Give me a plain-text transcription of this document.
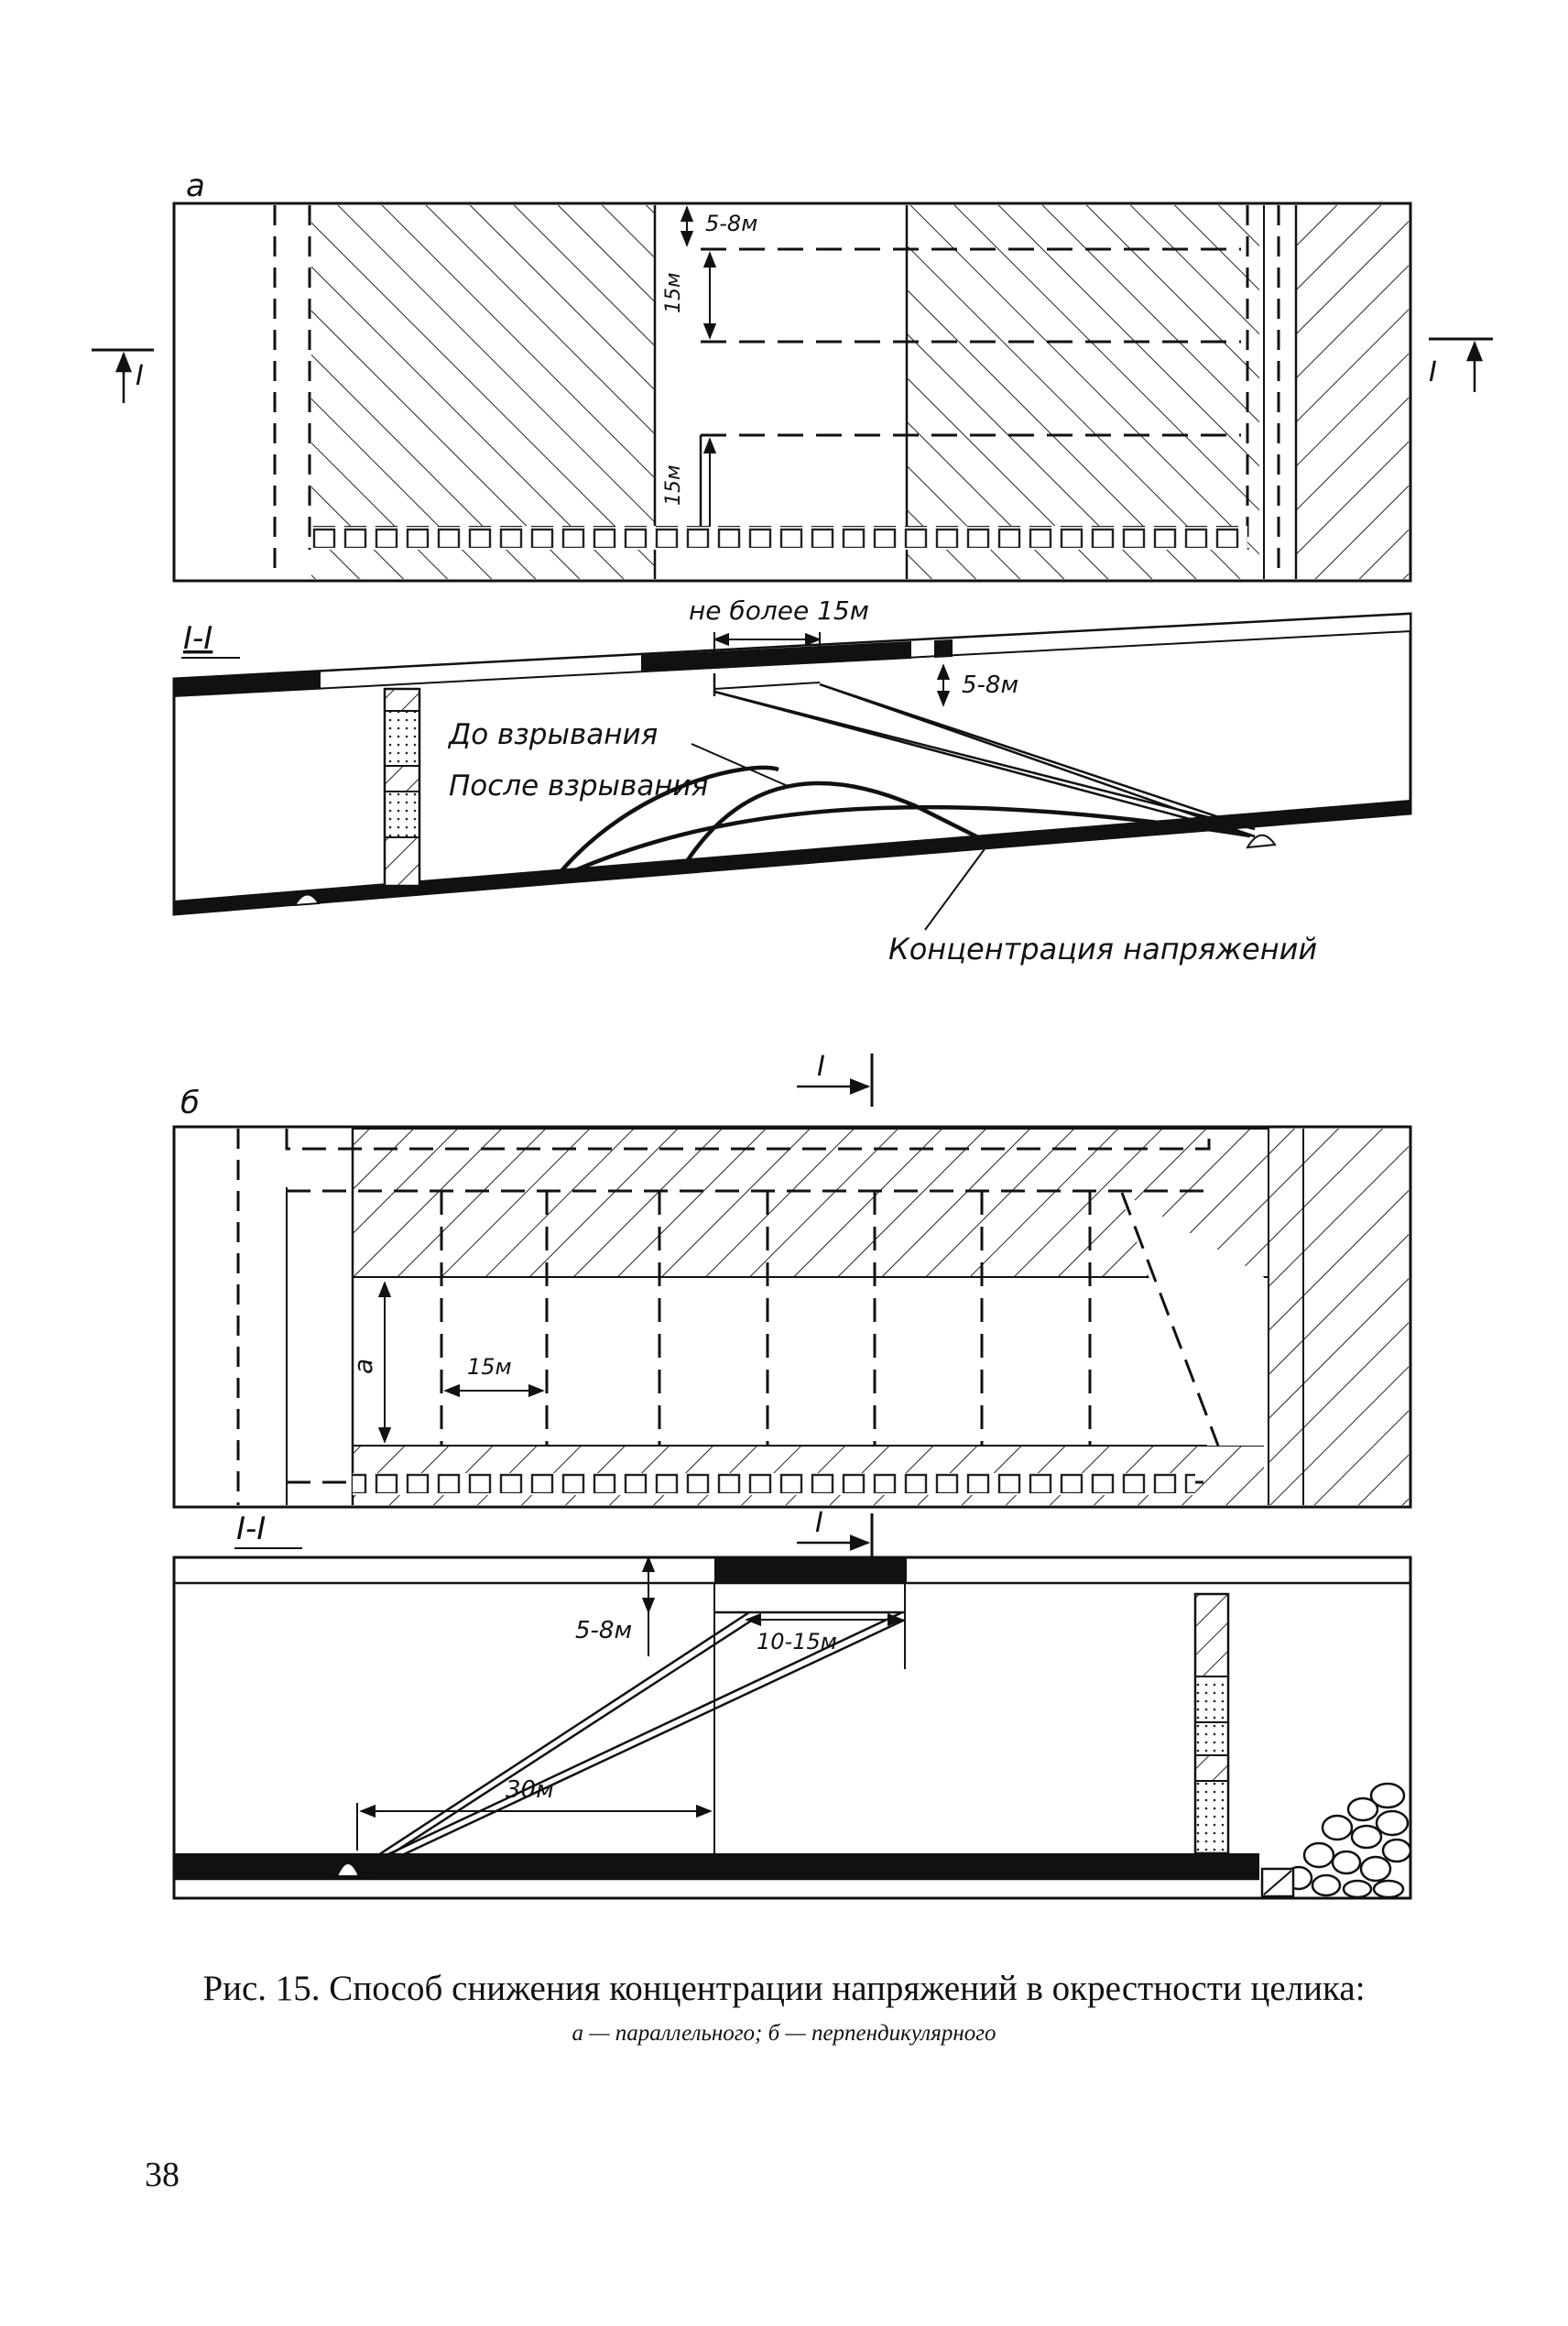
а
5-8м
15м
15м
I	I
I-I
До взрывания
После взрывания
Концентрация напряжений
не более 15м
5-8м
б
а	15м
I
I-I	I
5-8м	10-15м
30м
Рис. 15. Способ снижения концентрации напряжений в окрестности целика:
а — параллельного; б — перпендикулярного
38
